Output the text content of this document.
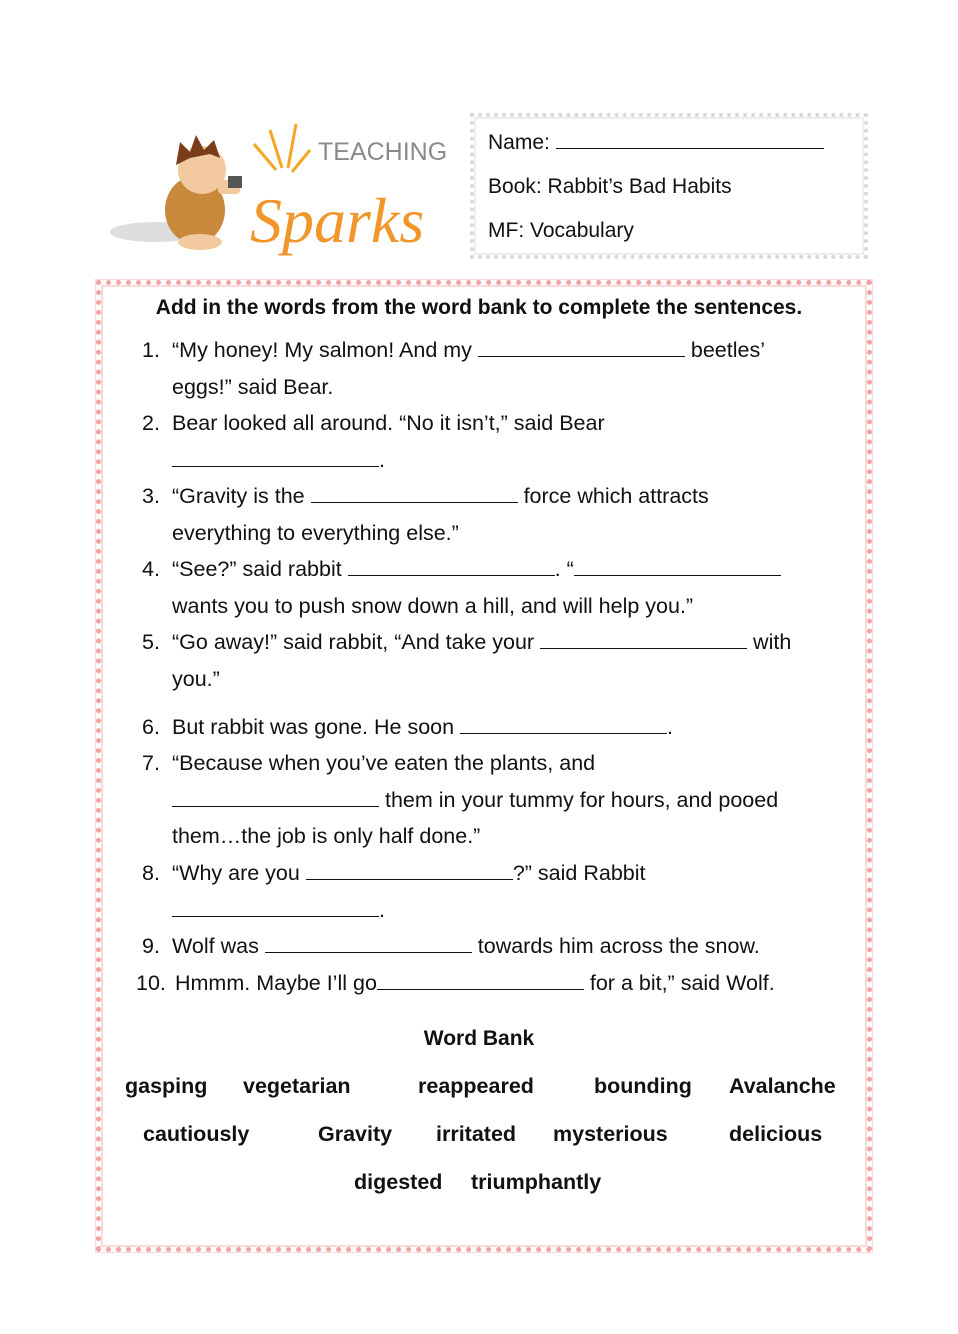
TEACHING
Sparks
Name:
Book: Rabbit’s Bad Habits
MF: Vocabulary
Add in the words from the word bank to complete the sentences.
1. “My honey! My salmon! And my	beetles’
eggs!” said Bear.
2. Bear looked all around. “No it isn’t,” said Bear
.
3. “Gravity is the	force which attracts
everything to everything else.”
4. “See?” said rabbit	. “
wants you to push snow down a hill, and will help you.”
5. “Go away!” said rabbit, “And take your	with
you.”
6. But rabbit was gone. He soon	.
7. “Because when you’ve eaten the plants, and
them in your tummy for hours, and pooed
them…the job is only half done.”
8. “Why are you	?” said Rabbit
.
9. Wolf was	towards him across the snow.
10. Hmmm. Maybe I’ll go	for a bit,” said Wolf.
Word Bank
gasping vegetarian	reappeared	bounding Avalanche
cautiously	Gravity irritated mysterious	delicious
digested triumphantly
